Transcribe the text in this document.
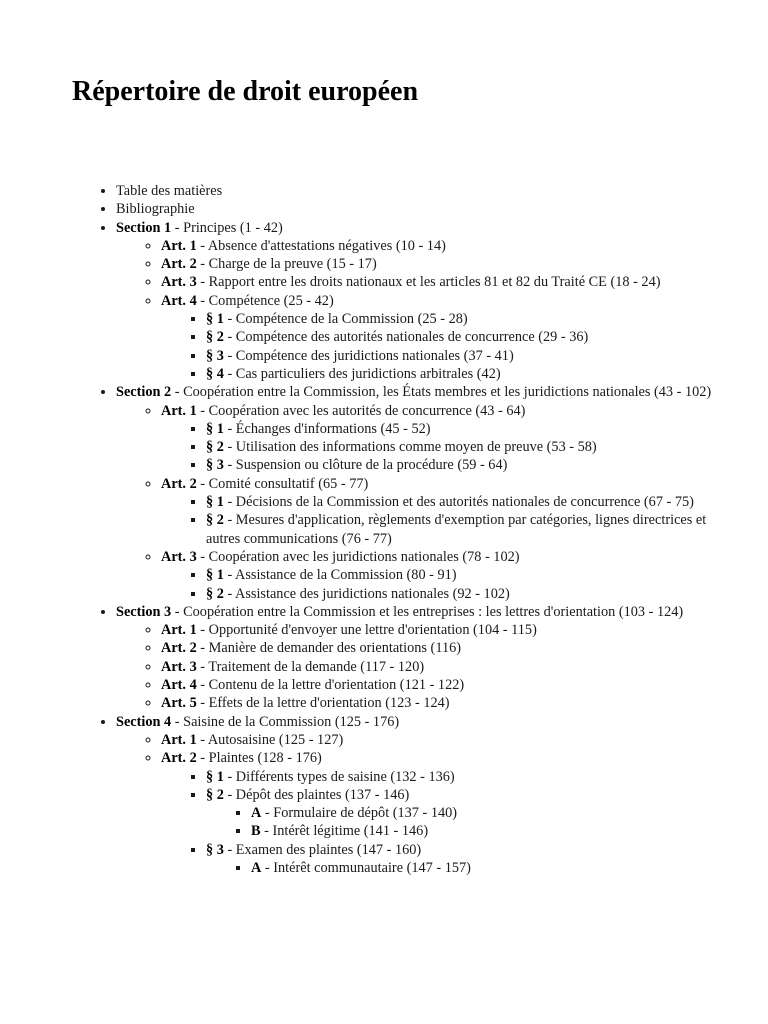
Répertoire de droit européen
• Table des matières
• Bibliographie
• Section 1 - Principes (1 - 42)
◦ Art. 1 - Absence d'attestations négatives (10 - 14)
◦ Art. 2 - Charge de la preuve (15 - 17)
◦ Art. 3 - Rapport entre les droits nationaux et les articles 81 et 82 du Traité CE (18 - 24)
◦ Art. 4 - Compétence (25 - 42)
▪ § 1 - Compétence de la Commission (25 - 28)
▪ § 2 - Compétence des autorités nationales de concurrence (29 - 36)
▪ § 3 - Compétence des juridictions nationales (37 - 41)
▪ § 4 - Cas particuliers des juridictions arbitrales (42)
• Section 2 - Coopération entre la Commission, les États membres et les juridictions nationales (43 - 102)
◦ Art. 1 - Coopération avec les autorités de concurrence (43 - 64)
▪ § 1 - Échanges d'informations (45 - 52)
▪ § 2 - Utilisation des informations comme moyen de preuve (53 - 58)
▪ § 3 - Suspension ou clôture de la procédure (59 - 64)
◦ Art. 2 - Comité consultatif (65 - 77)
▪ § 1 - Décisions de la Commission et des autorités nationales de concurrence (67 - 75)
▪ § 2 - Mesures d'application, règlements d'exemption par catégories, lignes directrices et autres communications (76 - 77)
◦ Art. 3 - Coopération avec les juridictions nationales (78 - 102)
▪ § 1 - Assistance de la Commission (80 - 91)
▪ § 2 - Assistance des juridictions nationales (92 - 102)
• Section 3 - Coopération entre la Commission et les entreprises : les lettres d'orientation (103 - 124)
◦ Art. 1 - Opportunité d'envoyer une lettre d'orientation (104 - 115)
◦ Art. 2 - Manière de demander des orientations (116)
◦ Art. 3 - Traitement de la demande (117 - 120)
◦ Art. 4 - Contenu de la lettre d'orientation (121 - 122)
◦ Art. 5 - Effets de la lettre d'orientation (123 - 124)
• Section 4 - Saisine de la Commission (125 - 176)
◦ Art. 1 - Autosaisine (125 - 127)
◦ Art. 2 - Plaintes (128 - 176)
▪ § 1 - Différents types de saisine (132 - 136)
▪ § 2 - Dépôt des plaintes (137 - 146)
▪ A - Formulaire de dépôt (137 - 140)
▪ B - Intérêt légitime (141 - 146)
▪ § 3 - Examen des plaintes (147 - 160)
▪ A - Intérêt communautaire (147 - 157)
